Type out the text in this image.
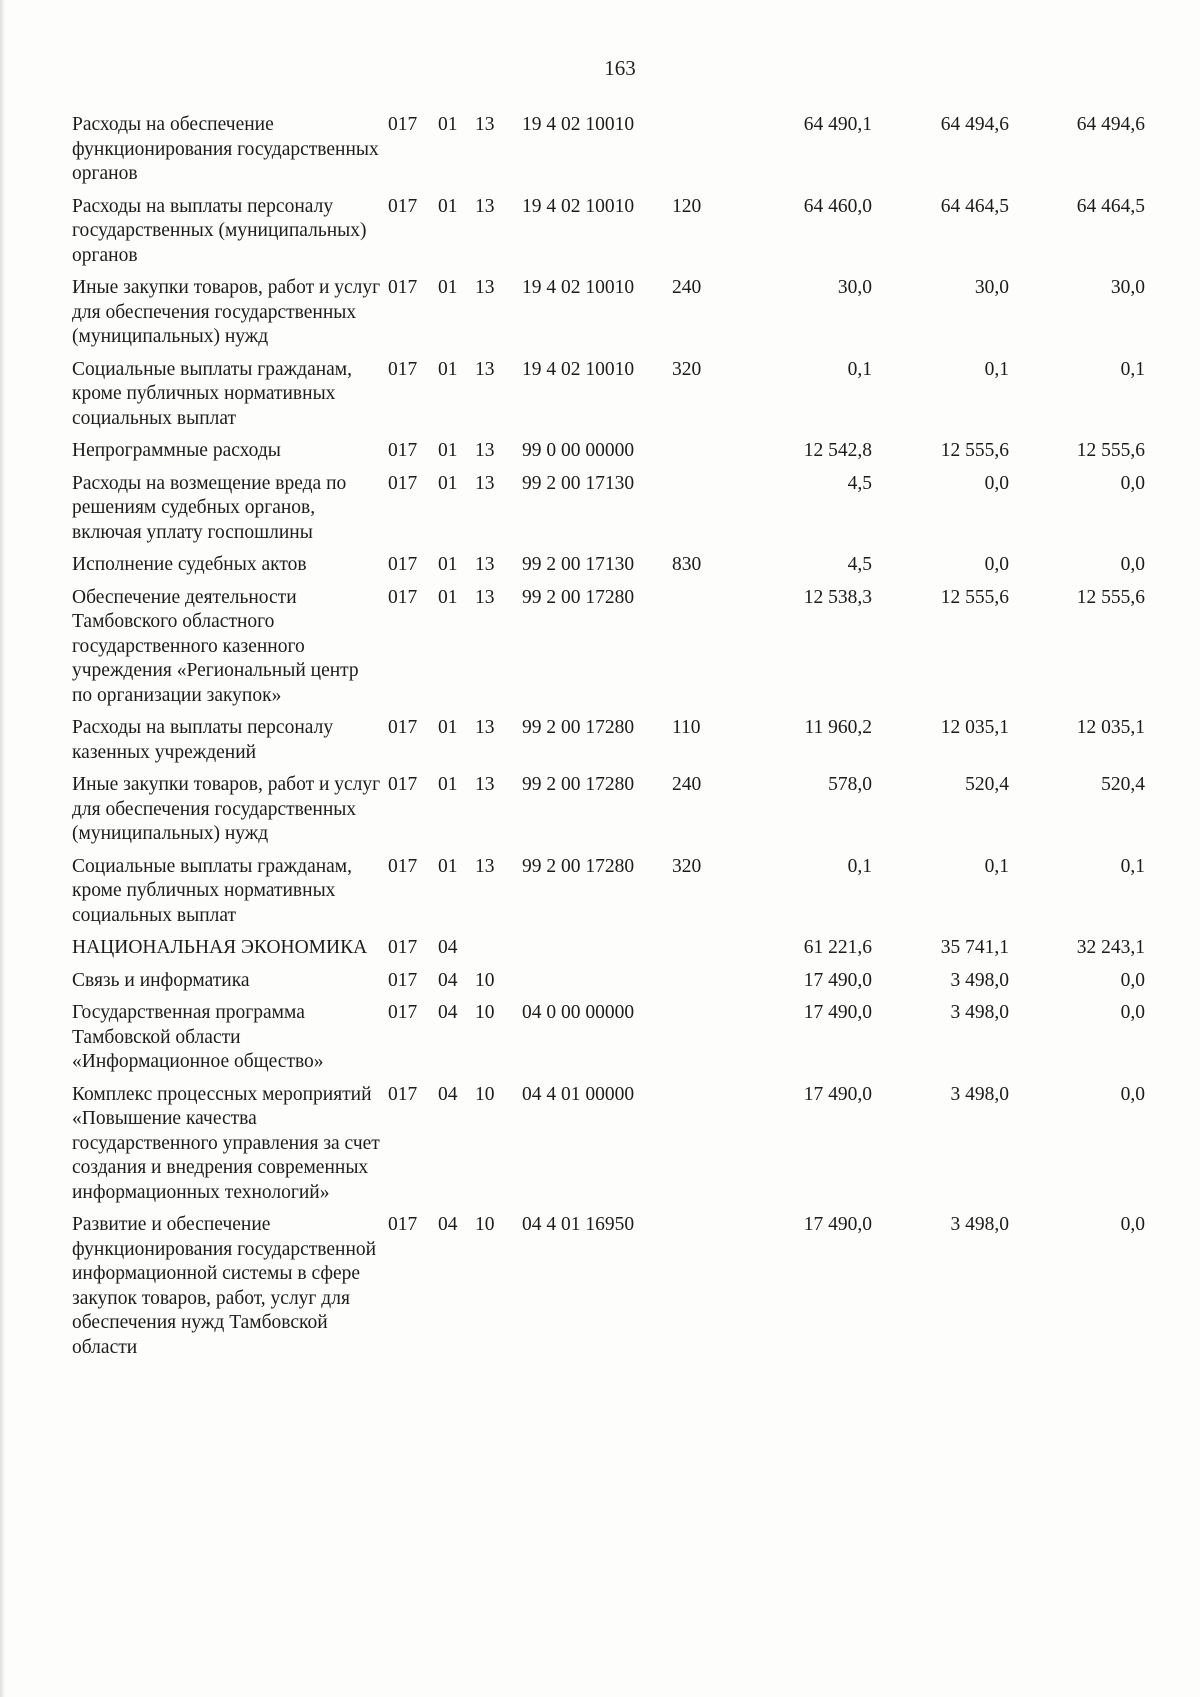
163
Расходы на обеспечение функционирования государственных органов	017	01	13	19 4 02 10010		64 490,1	64 494,6	64 494,6
Расходы на выплаты персоналу государственных (муниципальных) органов	017	01	13	19 4 02 10010	120	64 460,0	64 464,5	64 464,5
Иные закупки товаров, работ и услуг для обеспечения государственных (муниципальных) нужд	017	01	13	19 4 02 10010	240	30,0	30,0	30,0
Социальные выплаты гражданам, кроме публичных нормативных социальных выплат	017	01	13	19 4 02 10010	320	0,1	0,1	0,1
Непрограммные расходы	017	01	13	99 0 00 00000		12 542,8	12 555,6	12 555,6
Расходы на возмещение вреда по решениям судебных органов, включая уплату госпошлины	017	01	13	99 2 00 17130		4,5	0,0	0,0
Исполнение судебных актов	017	01	13	99 2 00 17130	830	4,5	0,0	0,0
Обеспечение деятельности Тамбовского областного государственного казенного учреждения «Региональный центр по организации закупок»	017	01	13	99 2 00 17280		12 538,3	12 555,6	12 555,6
Расходы на выплаты персоналу казенных учреждений	017	01	13	99 2 00 17280	110	11 960,2	12 035,1	12 035,1
Иные закупки товаров, работ и услуг для обеспечения государственных (муниципальных) нужд	017	01	13	99 2 00 17280	240	578,0	520,4	520,4
Социальные выплаты гражданам, кроме публичных нормативных социальных выплат	017	01	13	99 2 00 17280	320	0,1	0,1	0,1
НАЦИОНАЛЬНАЯ ЭКОНОМИКА	017	04				61 221,6	35 741,1	32 243,1
Связь и информатика	017	04	10			17 490,0	3 498,0	0,0
Государственная программа Тамбовской области «Информационное общество»	017	04	10	04 0 00 00000		17 490,0	3 498,0	0,0
Комплекс процессных мероприятий «Повышение качества государственного управления за счет создания и внедрения современных информационных технологий»	017	04	10	04 4 01 00000		17 490,0	3 498,0	0,0
Развитие и обеспечение функционирования государственной информационной системы в сфере закупок товаров, работ, услуг для обеспечения нужд Тамбовской области	017	04	10	04 4 01 16950		17 490,0	3 498,0	0,0
